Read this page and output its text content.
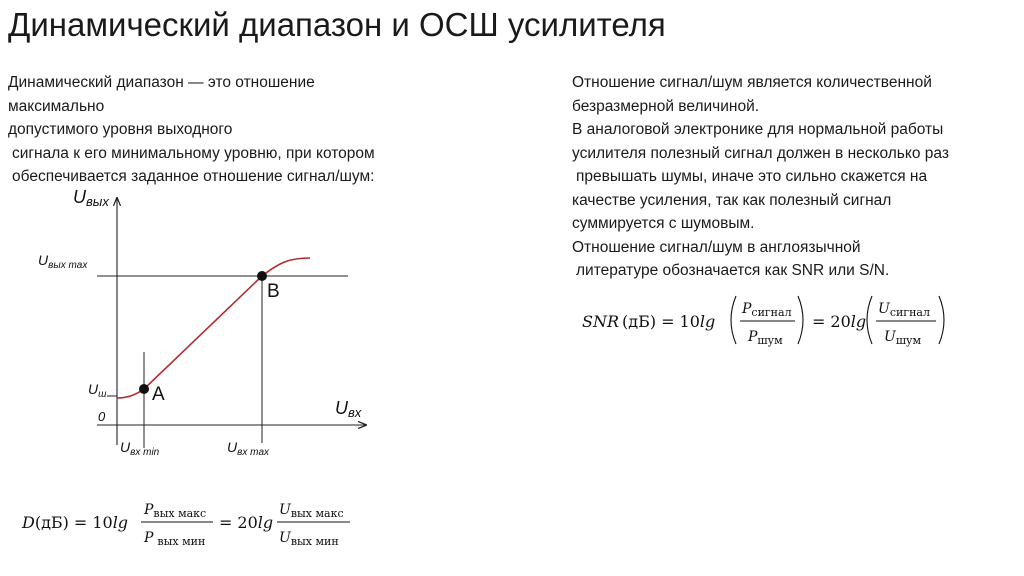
Динамический диапазон и ОСШ усилителя
Динамический диапазон — это отношение
максимально
допустимого уровня выходного
сигнала к его минимальному уровню, при котором
обеспечивается заданное отношение сигнал/шум:
Отношение сигнал/шум является количественной
безразмерной величиной.
В аналоговой электронике для нормальной работы
усилителя полезный сигнал должен в несколько раз
превышать шумы, иначе это сильно скажется на
качестве усиления, так как полезный сигнал
суммируется с шумовым.
Отношение сигнал/шум в англоязычной
литературе обозначается как SNR или S/N.
A
B
Uвых
Uвх
Uвых max
Uш
0
Uвх min	Uвх max
D(дБ) = 10lg
$P_{вых макс}$
P $_{вых мин}$
= 20lg
$U_{вых макс}$
$U_{вых мин}$
SNR (дБ) = 10lg
$P_{сигнал}$
$P_{шум}$
= 20lg
$U_{сигнал}$
$U_{шум}$
